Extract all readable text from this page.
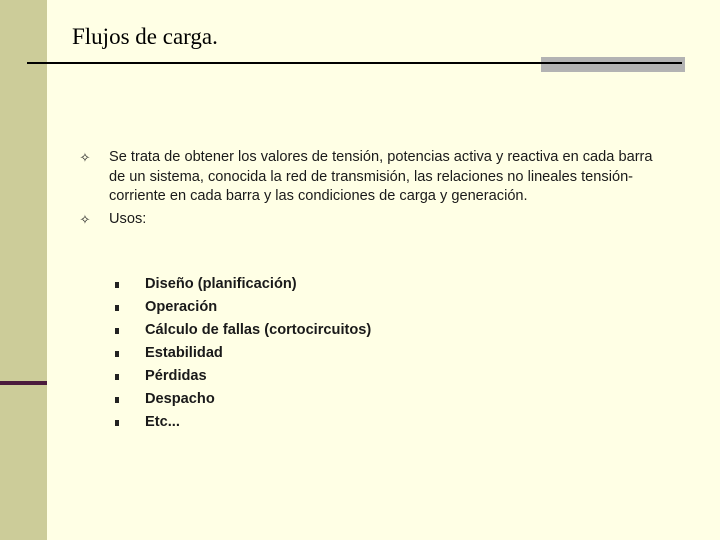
Flujos de carga.
✧ Se trata de obtener los valores de tensión, potencias activa y reactiva en cada barra de un sistema, conocida la red de transmisión, las relaciones no lineales tensión-corriente en cada barra y las condiciones de carga y generación.
✧ Usos:
Diseño (planificación)
Operación
Cálculo de fallas (cortocircuitos)
Estabilidad
Pérdidas
Despacho
Etc...
